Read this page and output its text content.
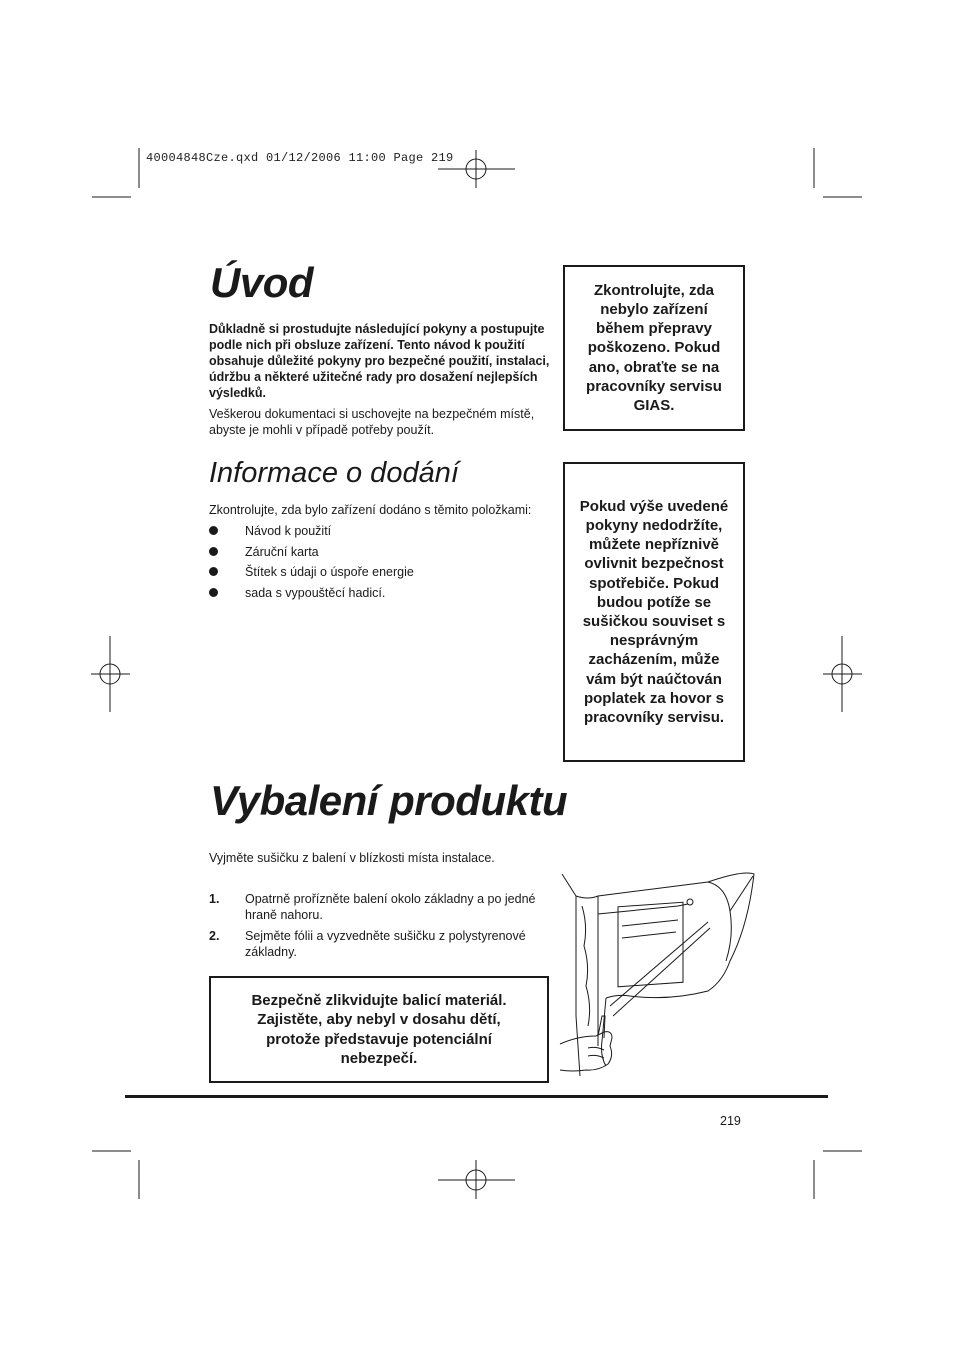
40004848Cze.qxd 01/12/2006 11:00 Page 219
Úvod

Důkladně si prostudujte následující pokyny a postupujte podle nich při obsluze zařízení. Tento návod k použití obsahuje důležité pokyny pro bezpečné použití, instalaci, údržbu a některé užitečné rady pro dosažení nejlepších výsledků.

Veškerou dokumentaci si uschovejte na bezpečném místě, abyste je mohli v případě potřeby použít.

Informace o dodání

Zkontrolujte, zda bylo zařízení dodáno s těmito položkami:

Návod k použití
Záruční karta
Štítek s údaji o úspoře energie
sada s vypouštěcí hadicí.
Zkontrolujte, zda nebylo zařízení během přepravy poškozeno. Pokud ano, obraťte se na pracovníky servisu GIAS.
Pokud výše uvedené pokyny nedodržíte, můžete nepříznivě ovlivnit bezpečnost spotřebiče. Pokud budou potíže se sušičkou souviset s nesprávným zacházením, může vám být naúčtován poplatek za hovor s pracovníky servisu.
Vybalení produktu

Vyjměte sušičku z balení v blízkosti místa instalace.

1. Opatrně prořízněte balení okolo základny a po jedné hraně nahoru.
2. Sejměte fólii a vyzvedněte sušičku z polystyrenové základny.
Bezpečně zlikvidujte balicí materiál. Zajistěte, aby nebyl v dosahu dětí, protože představuje potenciální nebezpečí.
219
